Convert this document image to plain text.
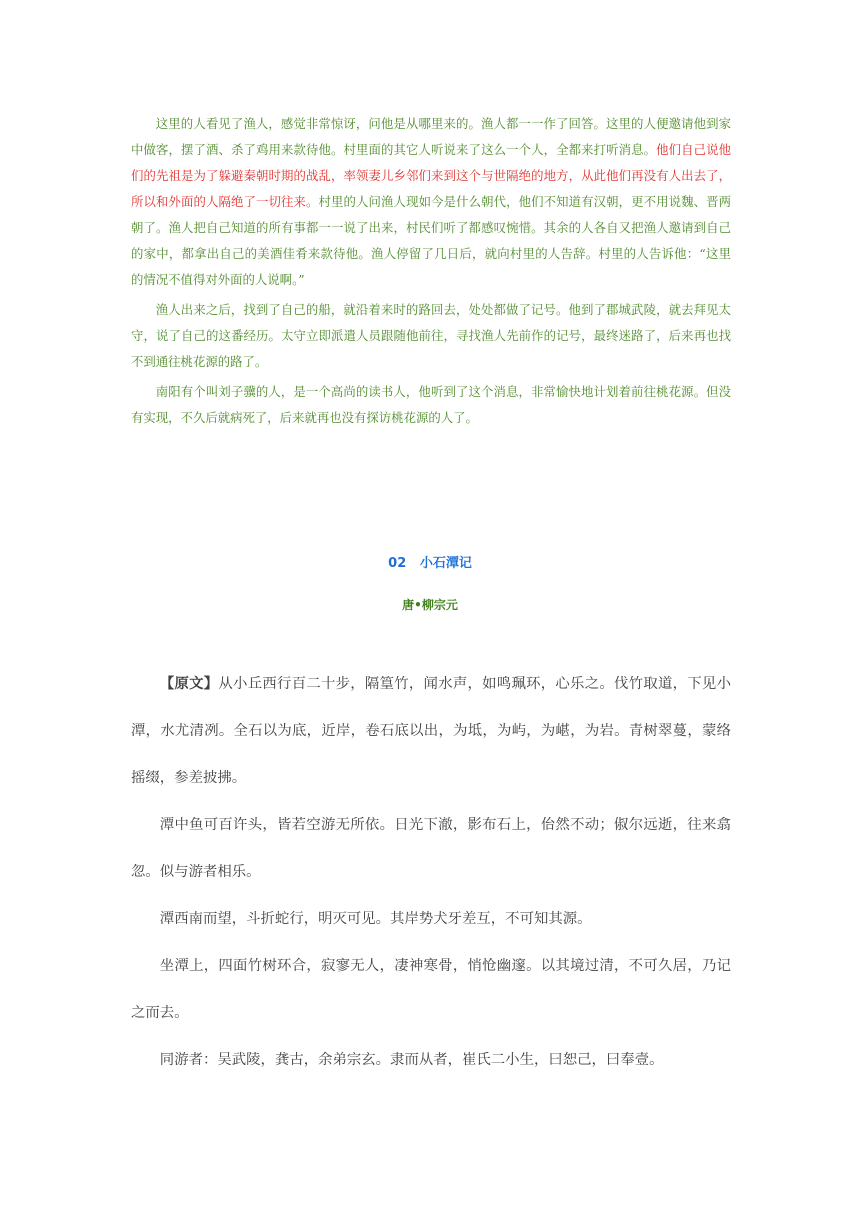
这里的人看见了渔人，感觉非常惊讶，问他是从哪里来的。渔人都一一作了回答。这里的人便邀请他到家中做客，摆了酒、杀了鸡用来款待他。村里面的其它人听说来了这么一个人，全都来打听消息。他们自己说他们的先祖是为了躲避秦朝时期的战乱，率领妻儿乡邻们来到这个与世隔绝的地方，从此他们再没有人出去了，所以和外面的人隔绝了一切往来。村里的人问渔人现如今是什么朝代，他们不知道有汉朝，更不用说魏、晋两朝了。渔人把自己知道的所有事都一一说了出来，村民们听了都感叹惋惜。其余的人各自又把渔人邀请到自己的家中，都拿出自己的美酒佳肴来款待他。渔人停留了几日后，就向村里的人告辞。村里的人告诉他：“这里的情况不值得对外面的人说啊。”

渔人出来之后，找到了自己的船，就沿着来时的路回去，处处都做了记号。他到了郡城武陵，就去拜见太守，说了自己的这番经历。太守立即派遣人员跟随他前往，寻找渔人先前作的记号，最终迷路了，后来再也找不到通往桃花源的路了。

南阳有个叫刘子骥的人，是一个高尚的读书人，他听到了这个消息，非常愉快地计划着前往桃花源。但没有实现，不久后就病死了，后来就再也没有探访桃花源的人了。

02   小石潭记
唐•柳宗元

【原文】从小丘西行百二十步，隔篁竹，闻水声，如鸣珮环，心乐之。伐竹取道，下见小潭，水尤清冽。全石以为底，近岸，卷石底以出，为坻，为屿，为嵁，为岩。青树翠蔓，蒙络摇缀，参差披拂。

潭中鱼可百许头，皆若空游无所依。日光下澈，影布石上，佁然不动；俶尔远逝，往来翕忽。似与游者相乐。

潭西南而望，斗折蛇行，明灭可见。其岸势犬牙差互，不可知其源。

坐潭上，四面竹树环合，寂寥无人，凄神寒骨，悄怆幽邃。以其境过清，不可久居，乃记之而去。

同游者：吴武陵，龚古，余弟宗玄。隶而从者，崔氏二小生，曰恕己，曰奉壹。
